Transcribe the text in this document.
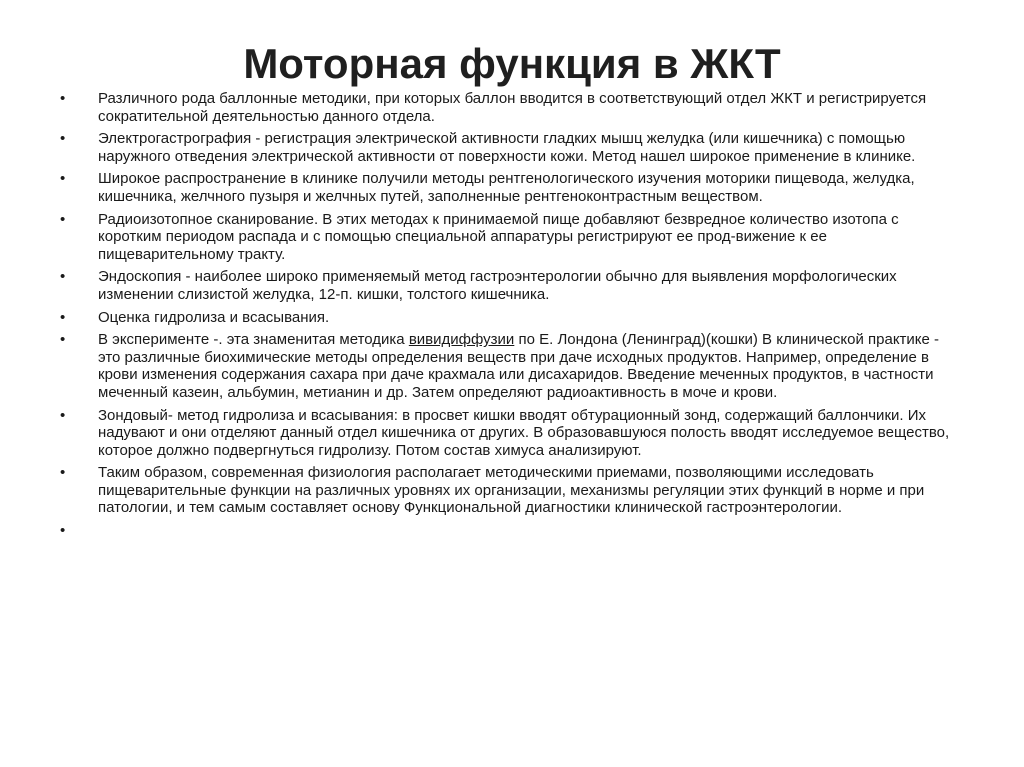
Моторная функция в ЖКТ
• Различного рода баллонные методики, при которых баллон вводится в соответствующий отдел ЖКТ и регистрируется сократительной деятельностью данного отдела.
• Электрогастрография - регистрация электрической активности гладких мышц желудка (или кишечника) с помощью наружного отведения электрической активности от поверхности кожи. Метод нашел широкое применение в клинике.
• Широкое распространение в клинике получили методы рентгенологического изучения моторики пищевода, желудка, кишечника, желчного пузыря и желчных путей, заполненные рентгеноконтрастным веществом.
• Радиоизотопное сканирование. В этих методах к принимаемой пище добавляют безвредное количество изотопа с коротким периодом распада и с помощью специальной аппаратуры регистрируют ее прод-вижение к ее пищеварительному тракту.
• Эндоскопия - наиболее широко применяемый метод гастроэнтерологии обычно для выявления морфологических изменении слизистой желудка, 12-п. кишки, толстого кишечника.
• Оценка гидролиза и всасывания.
• В эксперименте -. эта знаменитая методика вивидиффузии по Е. Лондона (Ленинград)(кошки) В клинической практике - это различные биохимические методы определения веществ при даче исходных продуктов. Например, определение в крови изменения содержания сахара при даче крахмала или дисахаридов. Введение меченных продуктов, в частности меченный казеин, альбумин, метианин и др. Затем определяют радиоактивность в моче и крови.
• Зондовый- метод гидролиза и всасывания: в просвет кишки вводят обтурационный зонд, содержащий баллончики. Их надувают и они отделяют данный отдел кишечника от других. В образовавшуюся полость вводят исследуемое вещество, которое должно подвергнуться гидролизу. Потом состав химуса анализируют.
• Таким образом, современная физиология располагает методическими приемами, позволяющими исследовать пищеварительные функции на различных уровнях их организации, механизмы регуляции этих функций в норме и при патологии, и тем самым составляет основу Функциональной диагностики клинической гастроэнтерологии.
